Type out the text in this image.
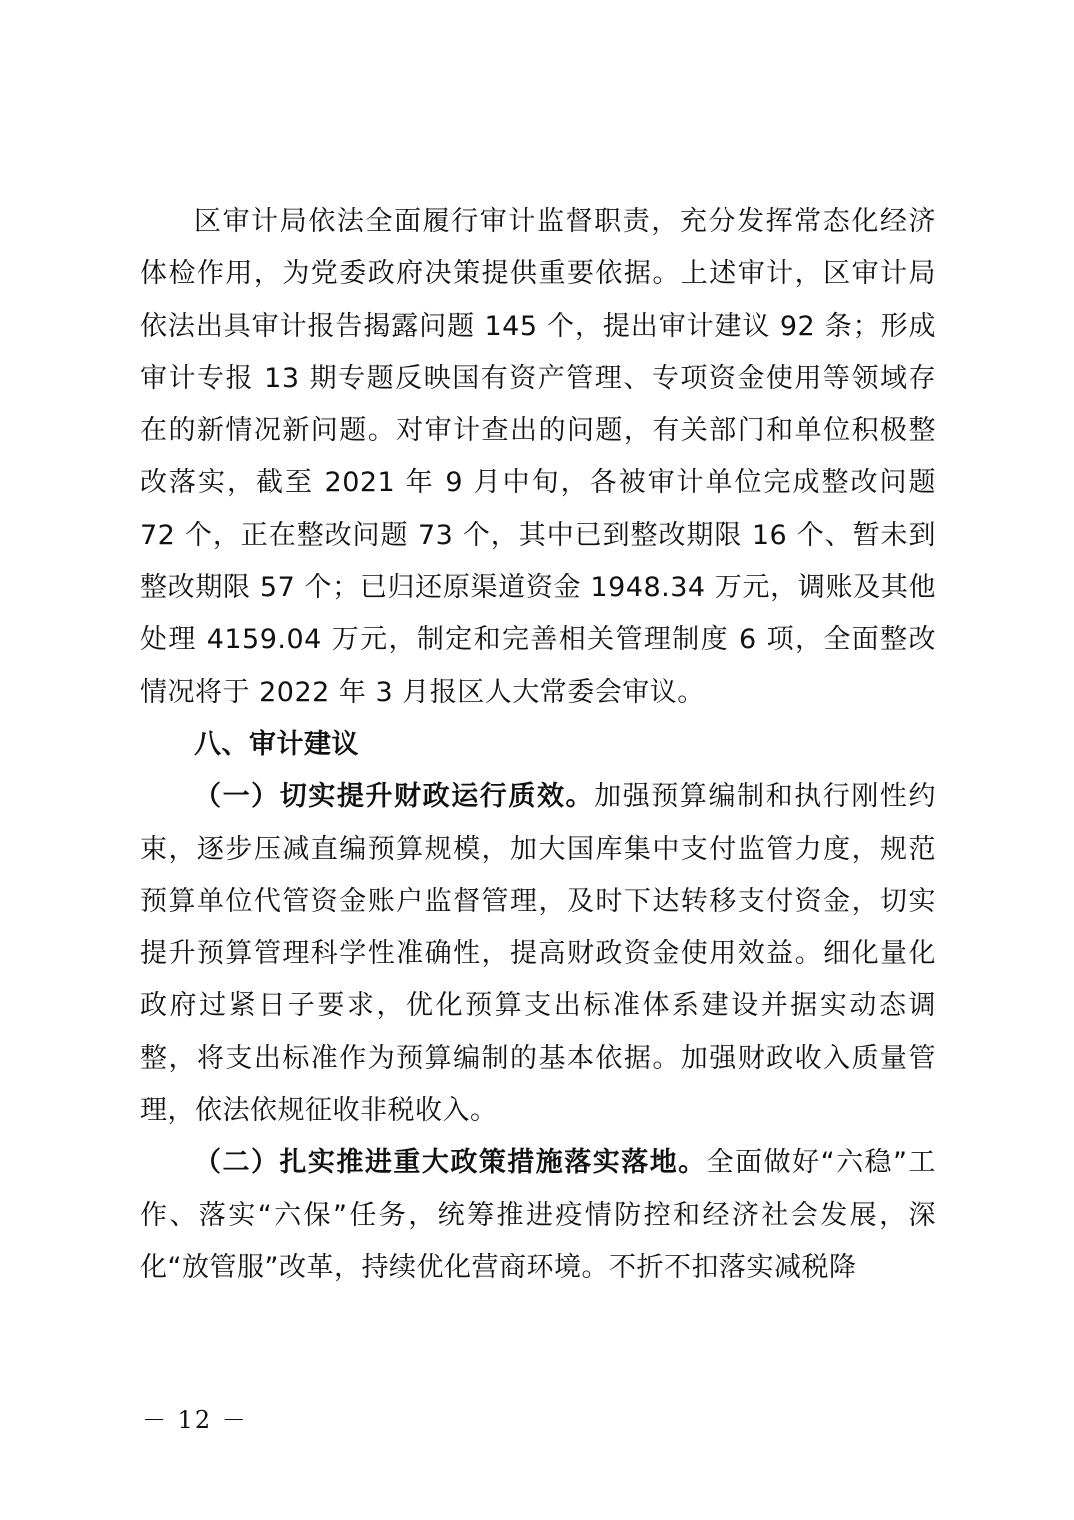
区审计局依法全面履行审计监督职责，充分发挥常态化经济体检作用，为党委政府决策提供重要依据。上述审计，区审计局依法出具审计报告揭露问题 145 个，提出审计建议 92 条；形成审计专报 13 期专题反映国有资产管理、专项资金使用等领域存在的新情况新问题。对审计查出的问题，有关部门和单位积极整改落实，截至 2021 年 9 月中旬，各被审计单位完成整改问题 72 个，正在整改问题 73 个，其中已到整改期限 16 个、暂未到整改期限 57 个；已归还原渠道资金 1948.34 万元，调账及其他处理 4159.04 万元，制定和完善相关管理制度 6 项，全面整改情况将于 2022 年 3 月报区人大常委会审议。

八、审计建议

（一）切实提升财政运行质效。加强预算编制和执行刚性约束，逐步压减直编预算规模，加大国库集中支付监管力度，规范预算单位代管资金账户监督管理，及时下达转移支付资金，切实提升预算管理科学性准确性，提高财政资金使用效益。细化量化政府过紧日子要求，优化预算支出标准体系建设并据实动态调整，将支出标准作为预算编制的基本依据。加强财政收入质量管理，依法依规征收非税收入。

（二）扎实推进重大政策措施落实落地。全面做好“六稳”工作、落实“六保”任务，统筹推进疫情防控和经济社会发展，深化“放管服”改革，持续优化营商环境。不折不扣落实减税降

－ 12 －
